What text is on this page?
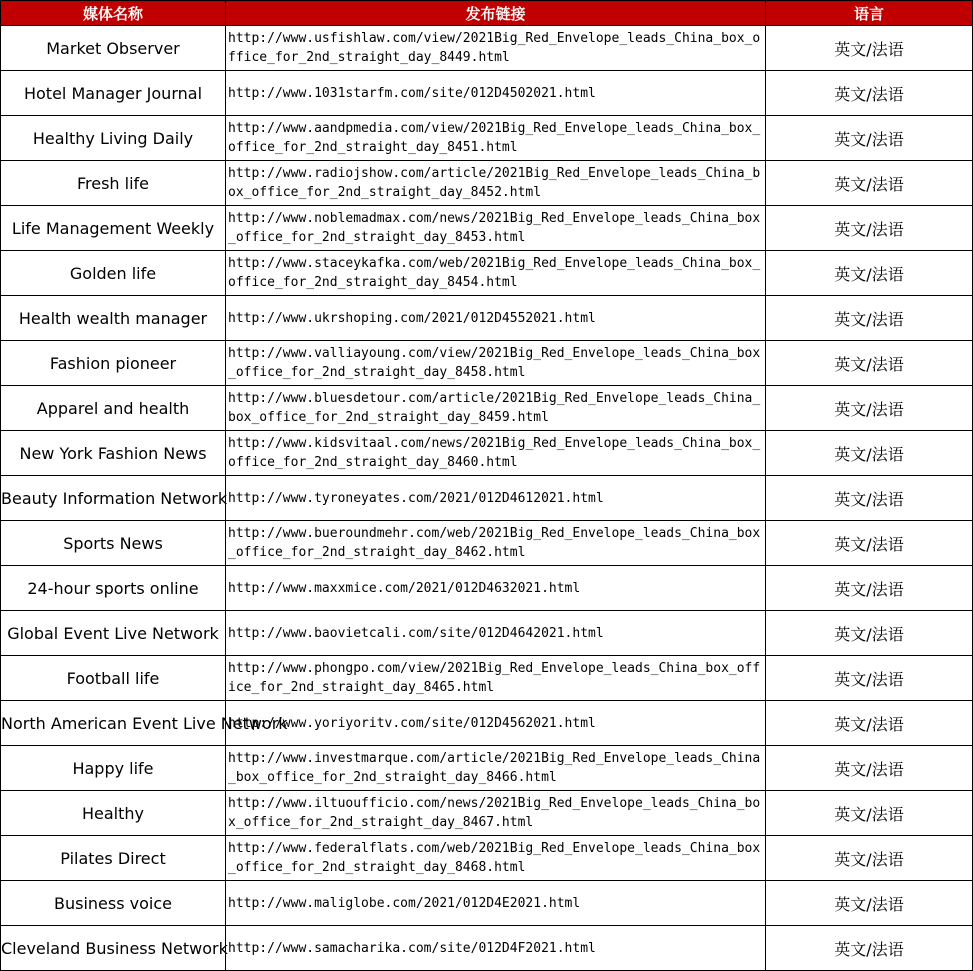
媒体名称	发布链接	语言
Market Observer	http://www.usfishlaw.com/view/2021Big_Red_Envelope_leads_China_box_office_for_2nd_straight_day_8449.html	英文/法语
Hotel Manager Journal	http://www.1031starfm.com/site/012D4502021.html	英文/法语
Healthy Living Daily	http://www.aandpmedia.com/view/2021Big_Red_Envelope_leads_China_box_office_for_2nd_straight_day_8451.html	英文/法语
Fresh life	http://www.radiojshow.com/article/2021Big_Red_Envelope_leads_China_box_office_for_2nd_straight_day_8452.html	英文/法语
Life Management Weekly	http://www.noblemadmax.com/news/2021Big_Red_Envelope_leads_China_box_office_for_2nd_straight_day_8453.html	英文/法语
Golden life	http://www.staceykafka.com/web/2021Big_Red_Envelope_leads_China_box_office_for_2nd_straight_day_8454.html	英文/法语
Health wealth manager	http://www.ukrshoping.com/2021/012D4552021.html	英文/法语
Fashion pioneer	http://www.valliayoung.com/view/2021Big_Red_Envelope_leads_China_box_office_for_2nd_straight_day_8458.html	英文/法语
Apparel and health	http://www.bluesdetour.com/article/2021Big_Red_Envelope_leads_China_box_office_for_2nd_straight_day_8459.html	英文/法语
New York Fashion News	http://www.kidsvitaal.com/news/2021Big_Red_Envelope_leads_China_box_office_for_2nd_straight_day_8460.html	英文/法语
Beauty Information Network	http://www.tyroneyates.com/2021/012D4612021.html	英文/法语
Sports News	http://www.bueroundmehr.com/web/2021Big_Red_Envelope_leads_China_box_office_for_2nd_straight_day_8462.html	英文/法语
24-hour sports online	http://www.maxxmice.com/2021/012D4632021.html	英文/法语
Global Event Live Network	http://www.baovietcali.com/site/012D4642021.html	英文/法语
Football life	http://www.phongpo.com/view/2021Big_Red_Envelope_leads_China_box_office_for_2nd_straight_day_8465.html	英文/法语
North American Event Live Network	http://www.yoriyoritv.com/site/012D4562021.html	英文/法语
Happy life	http://www.investmarque.com/article/2021Big_Red_Envelope_leads_China_box_office_for_2nd_straight_day_8466.html	英文/法语
Healthy	http://www.iltuoufficio.com/news/2021Big_Red_Envelope_leads_China_box_office_for_2nd_straight_day_8467.html	英文/法语
Pilates Direct	http://www.federalflats.com/web/2021Big_Red_Envelope_leads_China_box_office_for_2nd_straight_day_8468.html	英文/法语
Business voice	http://www.maliglobe.com/2021/012D4E2021.html	英文/法语
Cleveland Business Network	http://www.samacharika.com/site/012D4F2021.html	英文/法语
